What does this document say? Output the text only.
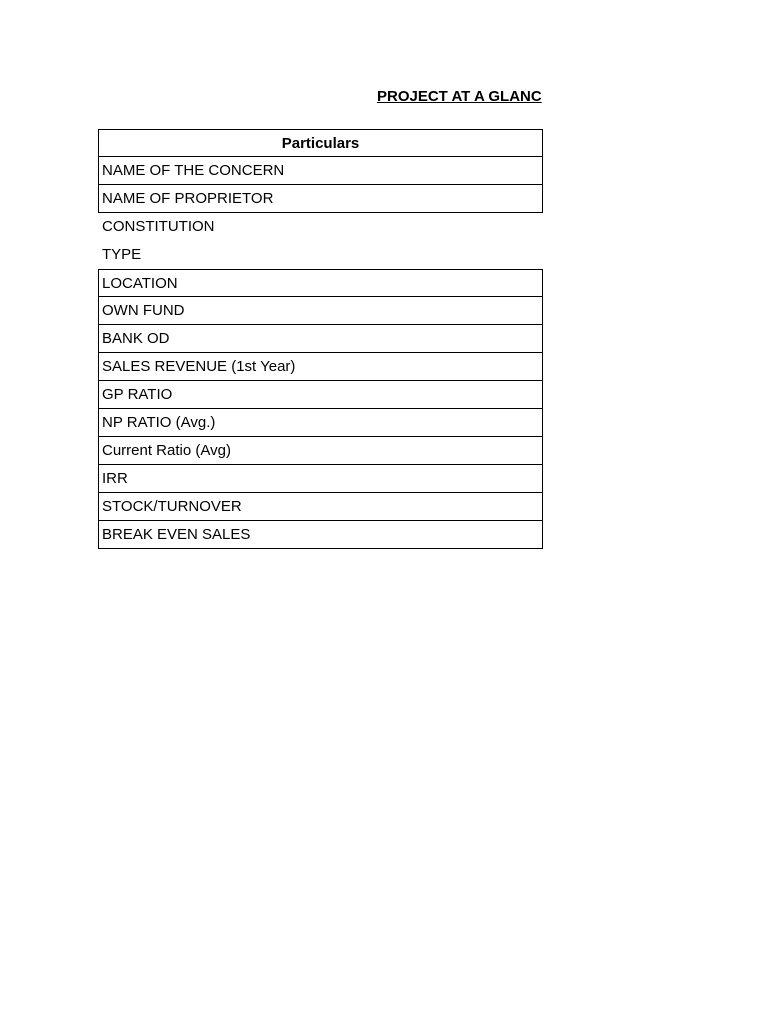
PROJECT AT A GLANC
Particulars
NAME OF THE CONCERN
NAME OF PROPRIETOR
CONSTITUTION
TYPE
LOCATION
OWN FUND
BANK OD
SALES REVENUE (1st Year)
GP RATIO
NP RATIO (Avg.)
Current Ratio (Avg)
IRR
STOCK/TURNOVER
BREAK EVEN SALES
